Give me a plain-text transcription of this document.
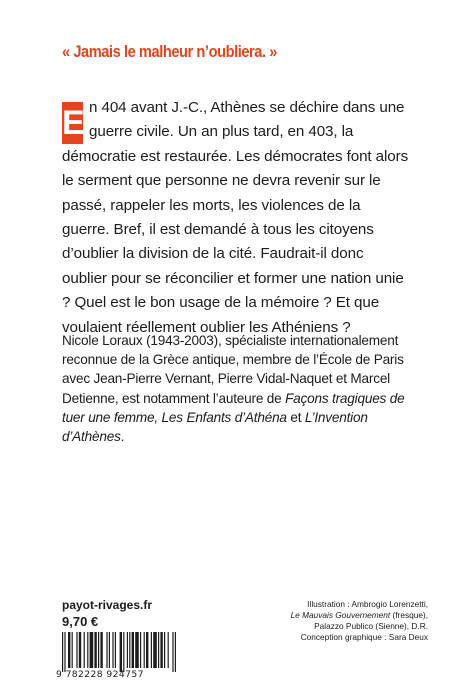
« Jamais le malheur n’oubliera. »

E n 404 avant J.-C., Athènes se déchire dans une guerre civile. Un an plus tard, en 403, la démocratie est restaurée. Les démocrates font alors le serment que personne ne devra revenir sur le passé, rappeler les morts, les violences de la guerre. Bref, il est demandé à tous les citoyens d’oublier la division de la cité. Faudrait-il donc oublier pour se réconcilier et former une nation unie ? Quel est le bon usage de la mémoire ? Et que voulaient réellement oublier les Athéniens ?

Nicole Loraux (1943-2003), spécialiste internationalement reconnue de la Grèce antique, membre de l’École de Paris avec Jean-Pierre Vernant, Pierre Vidal-Naquet et Marcel Detienne, est notamment l’auteure de Façons tragiques de tuer une femme, Les Enfants d’Athéna et L’Invention d’Athènes.

payot-rivages.fr
9,70 €
9 782228 924757
Illustration : Ambrogio Lorenzetti,
Le Mauvais Gouvernement (fresque),
Palazzo Publico (Sienne), D.R.
Conception graphique : Sara Deux
